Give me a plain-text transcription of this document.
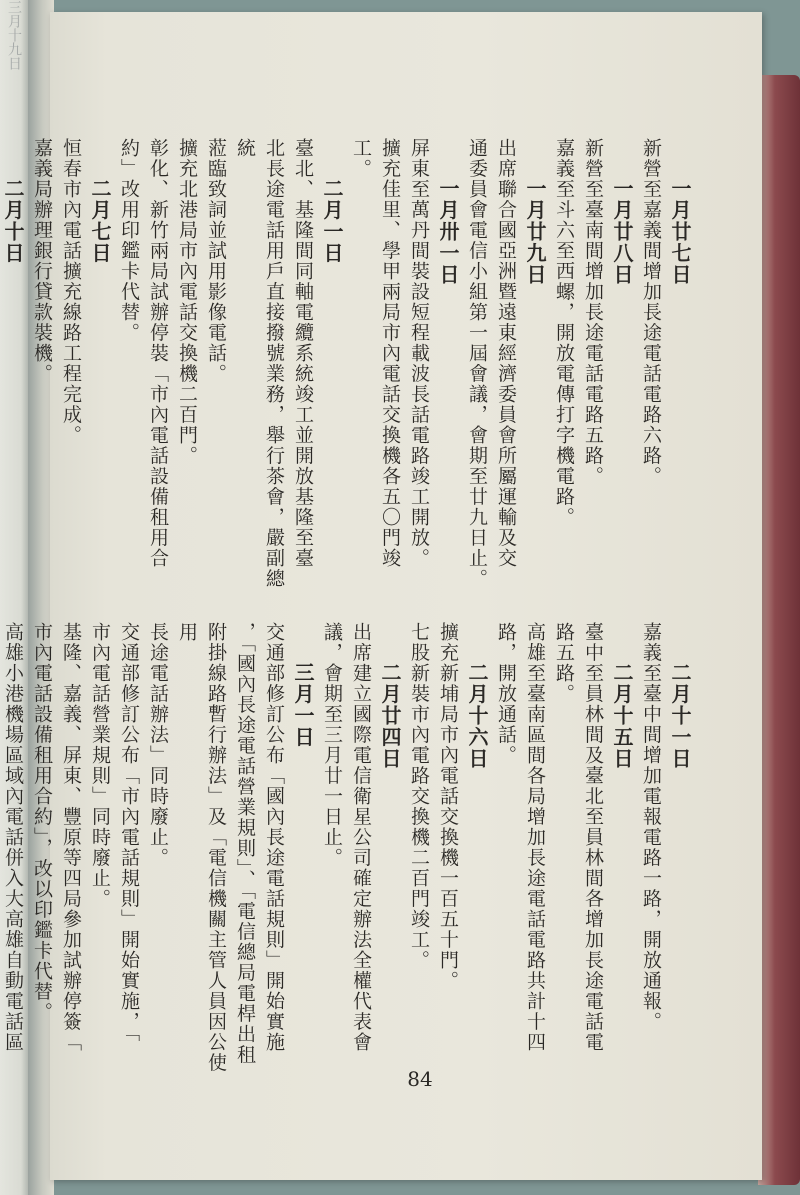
三月十九日
一月廿七日
新營至嘉義間增加長途電話電路六路。
一月廿八日
新營至臺南間增加長途電話電路五路。
嘉義至斗六至西螺，開放電傳打字機電路。
一月廿九日
出席聯合國亞洲暨遠東經濟委員會所屬運輸及交
通委員會電信小組第一屆會議，會期至廿九日止。
一月卅一日
屏東至萬丹間裝設短程載波長話電路竣工開放。
擴充佳里、學甲兩局市內電話交換機各五〇門竣
工。
二月一日
臺北、基隆間同軸電纜系統竣工並開放基隆至臺
北長途電話用戶直接撥號業務，舉行茶會，嚴副總統
蒞臨致詞並試用影像電話。
擴充北港局市內電話交換機二百門。
彰化、新竹兩局試辦停裝「市內電話設備租用合
約」改用印鑑卡代替。
二月七日
恒春市內電話擴充線路工程完成。
嘉義局辦理銀行貸款裝機。
二月十日
二月十一日
嘉義至臺中間增加電報電路一路，開放通報。
二月十五日
臺中至員林間及臺北至員林間各增加長途電話電
路五路。
高雄至臺南區間各局增加長途電話電路共計十四
路，開放通話。
二月十六日
擴充新埔局市內電話交換機一百五十門。
七股新裝市內電路交換機二百門竣工。
二月廿四日
出席建立國際電信衛星公司確定辦法全權代表會
議，會期至三月廿一日止。
三月一日
交通部修訂公布「國內長途電話規則」開始實施
，「國內長途電話營業規則」、「電信總局電桿出租
附掛線路暫行辦法」及「電信機關主管人員因公使用
長途電話辦法」同時廢止。
交通部修訂公布「市內電話規則」開始實施，「
市內電話營業規則」同時廢止。
基隆、嘉義、屏東、豐原等四局參加試辦停簽「
市內電話設備租用合約」，改以印鑑卡代替。
高雄小港機場區域內電話併入大高雄自動電話區
84
